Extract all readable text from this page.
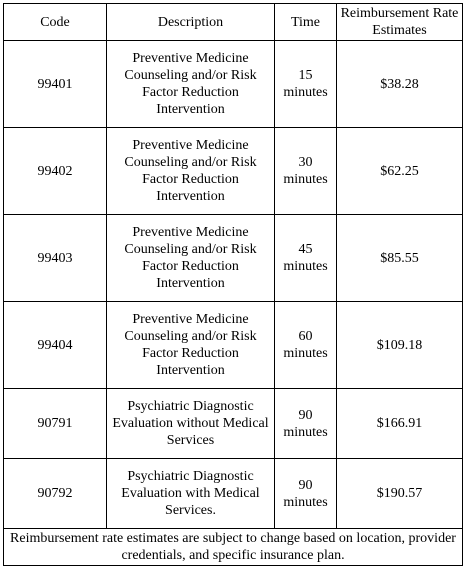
Code	Description	Time	Reimbursement Rate Estimates
99401	Preventive Medicine Counseling and/or Risk Factor Reduction Intervention	15 minutes	$38.28
99402	Preventive Medicine Counseling and/or Risk Factor Reduction Intervention	30 minutes	$62.25
99403	Preventive Medicine Counseling and/or Risk Factor Reduction Intervention	45 minutes	$85.55
99404	Preventive Medicine Counseling and/or Risk Factor Reduction Intervention	60 minutes	$109.18
90791	Psychiatric Diagnostic Evaluation without Medical Services	90 minutes	$166.91
90792	Psychiatric Diagnostic Evaluation with Medical Services.	90 minutes	$190.57
Reimbursement rate estimates are subject to change based on location, provider credentials, and specific insurance plan.			
